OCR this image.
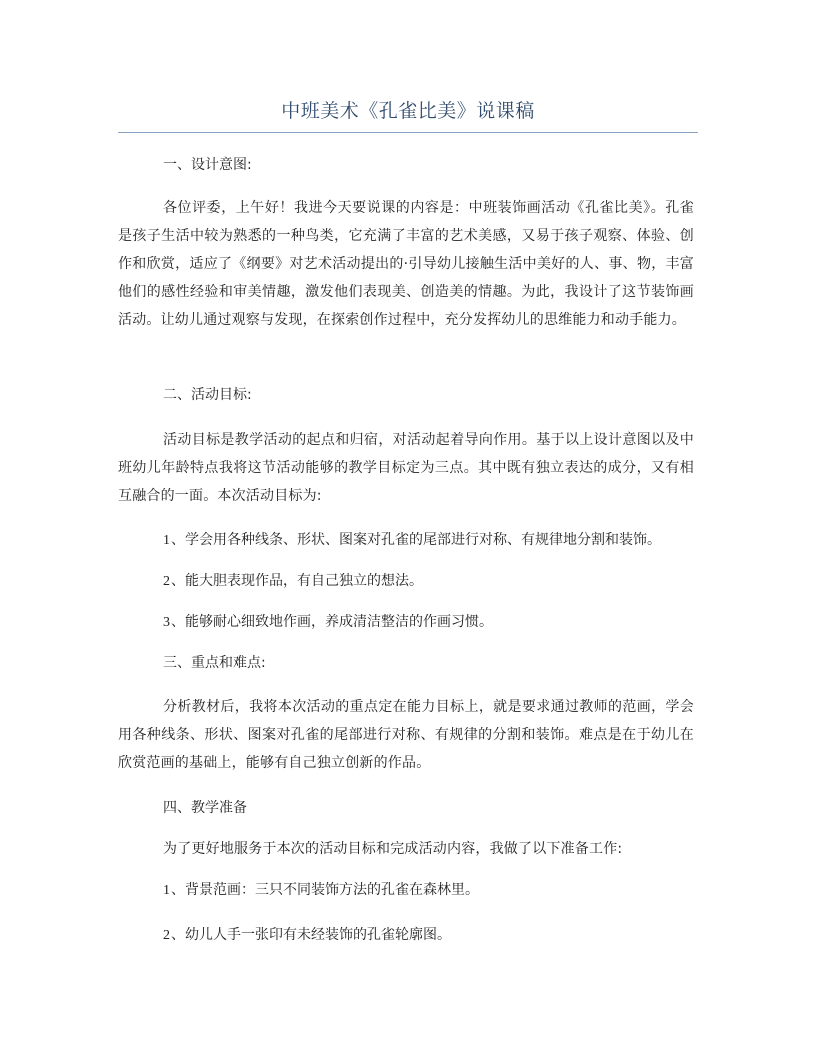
中班美术《孔雀比美》说课稿
一、设计意图:

各位评委，上午好！我进今天要说课的内容是：中班装饰画活动《孔雀比美》。孔雀是孩子生活中较为熟悉的一种鸟类，它充满了丰富的艺术美感，又易于孩子观察、体验、创作和欣赏，适应了《纲要》对艺术活动提出的·引导幼儿接触生活中美好的人、事、物，丰富他们的感性经验和审美情趣，激发他们表现美、创造美的情趣。为此，我设计了这节装饰画活动。让幼儿通过观察与发现，在探索创作过程中，充分发挥幼儿的思维能力和动手能力。

二、活动目标:

活动目标是教学活动的起点和归宿，对活动起着导向作用。基于以上设计意图以及中班幼儿年龄特点我将这节活动能够的教学目标定为三点。其中既有独立表达的成分，又有相互融合的一面。本次活动目标为:

1、学会用各种线条、形状、图案对孔雀的尾部进行对称、有规律地分割和装饰。
2、能大胆表现作品，有自己独立的想法。
3、能够耐心细致地作画，养成清洁整洁的作画习惯。
三、重点和难点:

分析教材后，我将本次活动的重点定在能力目标上，就是要求通过教师的范画，学会用各种线条、形状、图案对孔雀的尾部进行对称、有规律的分割和装饰。难点是在于幼儿在欣赏范画的基础上，能够有自己独立创新的作品。

四、教学准备

为了更好地服务于本次的活动目标和完成活动内容，我做了以下准备工作:

1、背景范画：三只不同装饰方法的孔雀在森林里。
2、幼儿人手一张印有未经装饰的孔雀轮廓图。
